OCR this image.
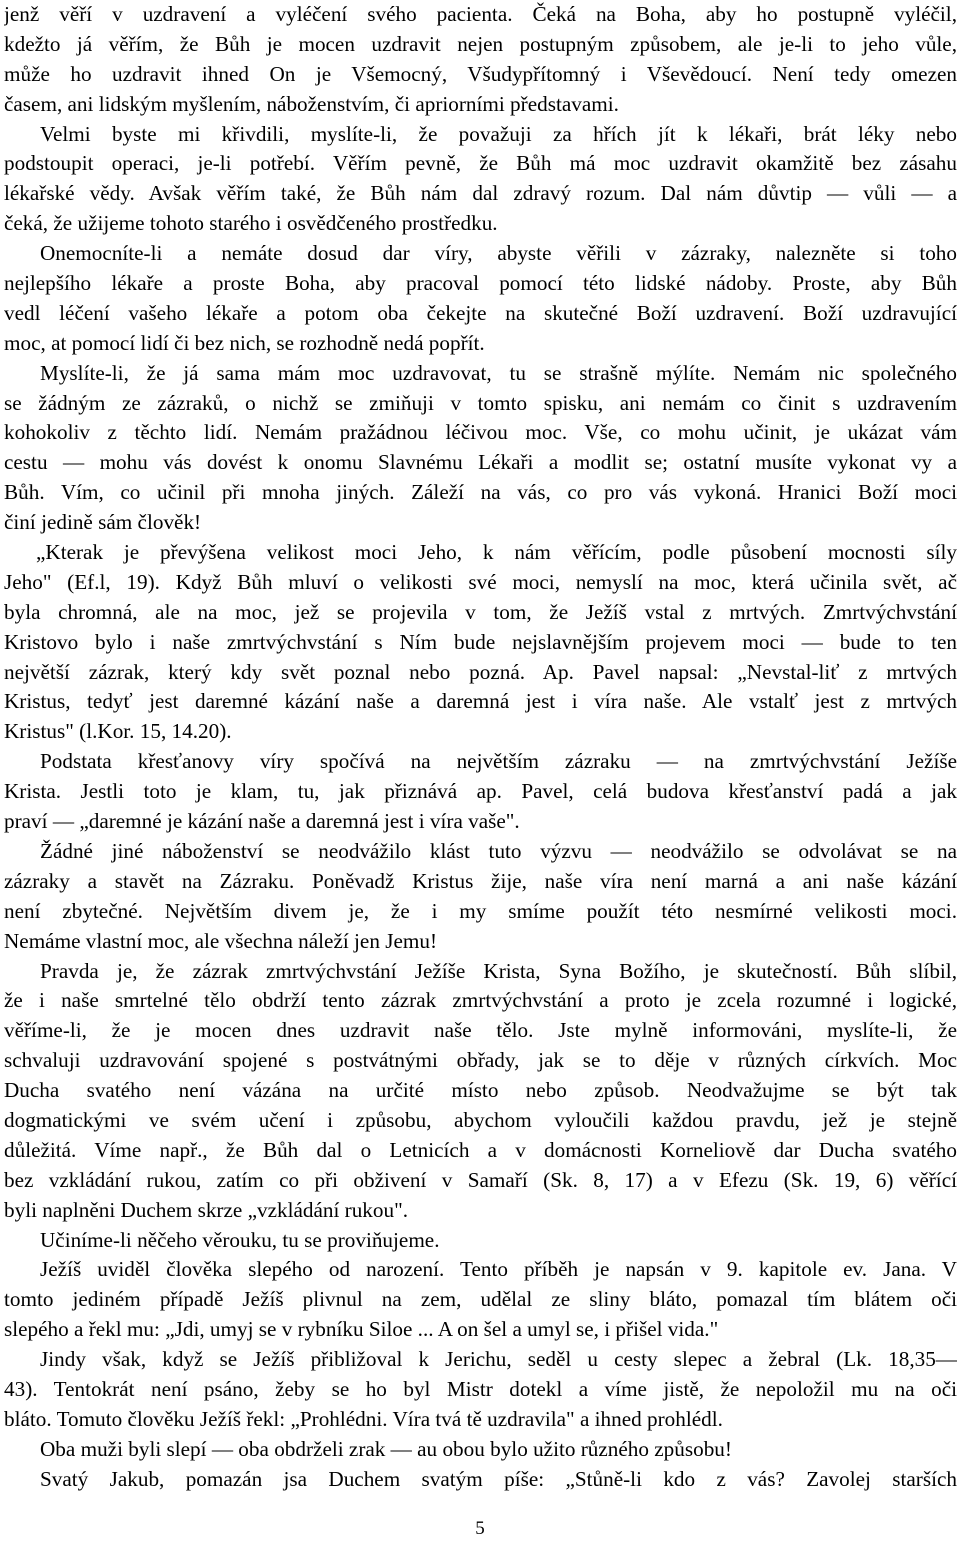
jenž věří v uzdravení a vyléčení svého pacienta. Čeká na Boha, aby ho postupně vyléčil,
kdežto já věřím, že Bůh je mocen uzdravit nejen postupným způsobem, ale je-li to jeho vůle,
může ho uzdravit ihned On je Všemocný, Všudypřítomný i Vševědoucí. Není tedy omezen
časem, ani lidským myšlením, náboženstvím, či apriorními představami.
Velmi byste mi křivdili, myslíte-li, že považuji za hřích jít k lékaři, brát léky nebo
podstoupit operaci, je-li potřebí. Věřím pevně, že Bůh má moc uzdravit okamžitě bez zásahu
lékařské vědy. Avšak věřím také, že Bůh nám dal zdravý rozum. Dal nám důvtip — vůli — a
čeká, že užijeme tohoto starého i osvědčeného prostředku.
Onemocníte-li a nemáte dosud dar víry, abyste věřili v zázraky, nalezněte si toho
nejlepšího lékaře a proste Boha, aby pracoval pomocí této lidské nádoby. Proste, aby Bůh
vedl léčení vašeho lékaře a potom oba čekejte na skutečné Boží uzdravení. Boží uzdravující
moc, at pomocí lidí či bez nich, se rozhodně nedá popřít.
Myslíte-li, že já sama mám moc uzdravovat, tu se strašně mýlíte. Nemám nic společného
se žádným ze zázraků, o nichž se zmiňuji v tomto spisku, ani nemám co činit s uzdravením
kohokoliv z těchto lidí. Nemám pražádnou léčivou moc. Vše, co mohu učinit, je ukázat vám
cestu — mohu vás dovést k onomu Slavnému Lékaři a modlit se; ostatní musíte vykonat vy a
Bůh. Vím, co učinil při mnoha jiných. Záleží na vás, co pro vás vykoná. Hranici Boží moci
činí jedině sám člověk!
„Kterak je převýšena velikost moci Jeho, k nám věřícím, podle působení mocnosti síly
Jeho" (Ef.l, 19). Když Bůh mluví o velikosti své moci, nemyslí na moc, která učinila svět, ač
byla chromná, ale na moc, jež se projevila v tom, že Ježíš vstal z mrtvých. Zmrtvýchvstání
Kristovo bylo i naše zmrtvýchvstání s Ním bude nejslavnějším projevem moci — bude to ten
největší zázrak, který kdy svět poznal nebo pozná. Ap. Pavel napsal: „Nevstal-liť z mrtvých
Kristus, tedyť jest daremné kázání naše a daremná jest i víra naše. Ale vstalť jest z mrtvých
Kristus" (l.Kor. 15, 14.20).
Podstata křesťanovy víry spočívá na největším zázraku — na zmrtvýchvstání Ježíše
Krista. Jestli toto je klam, tu, jak přiznává ap. Pavel, celá budova křesťanství padá a jak
praví — „daremné je kázání naše a daremná jest i víra vaše".
Žádné jiné náboženství se neodvážilo klást tuto výzvu — neodvážilo se odvolávat se na
zázraky a stavět na Zázraku. Poněvadž Kristus žije, naše víra není marná a ani naše kázání
není zbytečné. Největším divem je, že i my smíme použít této nesmírné velikosti moci.
Nemáme vlastní moc, ale všechna náleží jen Jemu!
Pravda je, že zázrak zmrtvýchvstání Ježíše Krista, Syna Božího, je skutečností. Bůh slíbil,
že i naše smrtelné tělo obdrží tento zázrak zmrtvýchvstání a proto je zcela rozumné i logické,
věříme-li, že je mocen dnes uzdravit naše tělo. Jste mylně informováni, myslíte-li, že
schvaluji uzdravování spojené s postvátnými obřady, jak se to děje v různých církvích. Moc
Ducha svatého není vázána na určité místo nebo způsob. Neodvažujme se být tak
dogmatickými ve svém učení i způsobu, abychom vyloučili každou pravdu, jež je stejně
důležitá. Víme např., že Bůh dal o Letnicích a v domácnosti Korneliově dar Ducha svatého
bez vzkládání rukou, zatím co při obživení v Samaří (Sk. 8, 17) a v Efezu (Sk. 19, 6) věřící
byli naplněni Duchem skrze „vzkládání rukou".
Učiníme-li něčeho věrouku, tu se proviňujeme.
Ježíš uviděl člověka slepého od narození. Tento příběh je napsán v 9. kapitole ev. Jana. V
tomto jediném případě Ježíš plivnul na zem, udělal ze sliny bláto, pomazal tím blátem oči
slepého a řekl mu: „Jdi, umyj se v rybníku Siloe ... A on šel a umyl se, i přišel vida."
Jindy však, když se Ježíš přibližoval k Jerichu, seděl u cesty slepec a žebral (Lk. 18,35—
43). Tentokrát není psáno, žeby se ho byl Mistr dotekl a víme jistě, že nepoložil mu na oči
bláto. Tomuto člověku Ježíš řekl: „Prohlédni. Víra tvá tě uzdravila" a ihned prohlédl.
Oba muži byli slepí — oba obdrželi zrak — au obou bylo užito různého způsobu!
Svatý Jakub, pomazán jsa Duchem svatým píše: „Stůně-li kdo z vás? Zavolej starších
5
